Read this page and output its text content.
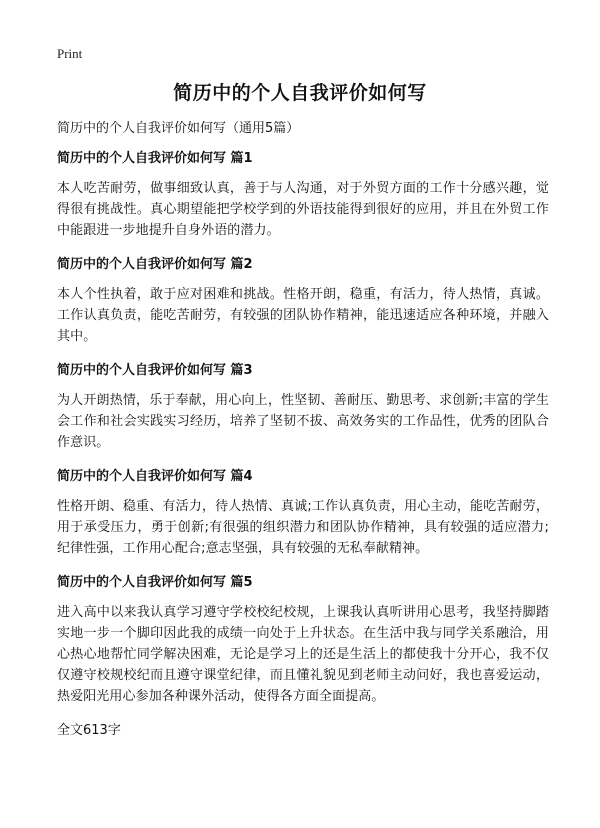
Print
简历中的个人自我评价如何写

简历中的个人自我评价如何写（通用5篇）

简历中的个人自我评价如何写 篇1

本人吃苦耐劳，做事细致认真，善于与人沟通，对于外贸方面的工作十分感兴趣，觉得很有挑战性。真心期望能把学校学到的外语技能得到很好的应用，并且在外贸工作中能跟进一步地提升自身外语的潜力。

简历中的个人自我评价如何写 篇2

本人个性执着，敢于应对困难和挑战。性格开朗，稳重，有活力，待人热情，真诚。工作认真负责，能吃苦耐劳，有较强的团队协作精神，能迅速适应各种环境，并融入其中。

简历中的个人自我评价如何写 篇3

为人开朗热情，乐于奉献，用心向上，性坚韧、善耐压、勤思考、求创新;丰富的学生会工作和社会实践实习经历，培养了坚韧不拔、高效务实的工作品性，优秀的团队合作意识。

简历中的个人自我评价如何写 篇4

性格开朗、稳重、有活力，待人热情、真诚;工作认真负责，用心主动，能吃苦耐劳，用于承受压力，勇于创新;有很强的组织潜力和团队协作精神，具有较强的适应潜力;纪律性强，工作用心配合;意志坚强，具有较强的无私奉献精神。

简历中的个人自我评价如何写 篇5

进入高中以来我认真学习遵守学校校纪校规，上课我认真听讲用心思考，我坚持脚踏实地一步一个脚印因此我的成绩一向处于上升状态。在生活中我与同学关系融洽，用心热心地帮忙同学解决困难，无论是学习上的还是生活上的都使我十分开心，我不仅仅遵守校规校纪而且遵守课堂纪律，而且懂礼貌见到老师主动问好，我也喜爱运动，热爱阳光用心参加各种课外活动，使得各方面全面提高。

全文613字
